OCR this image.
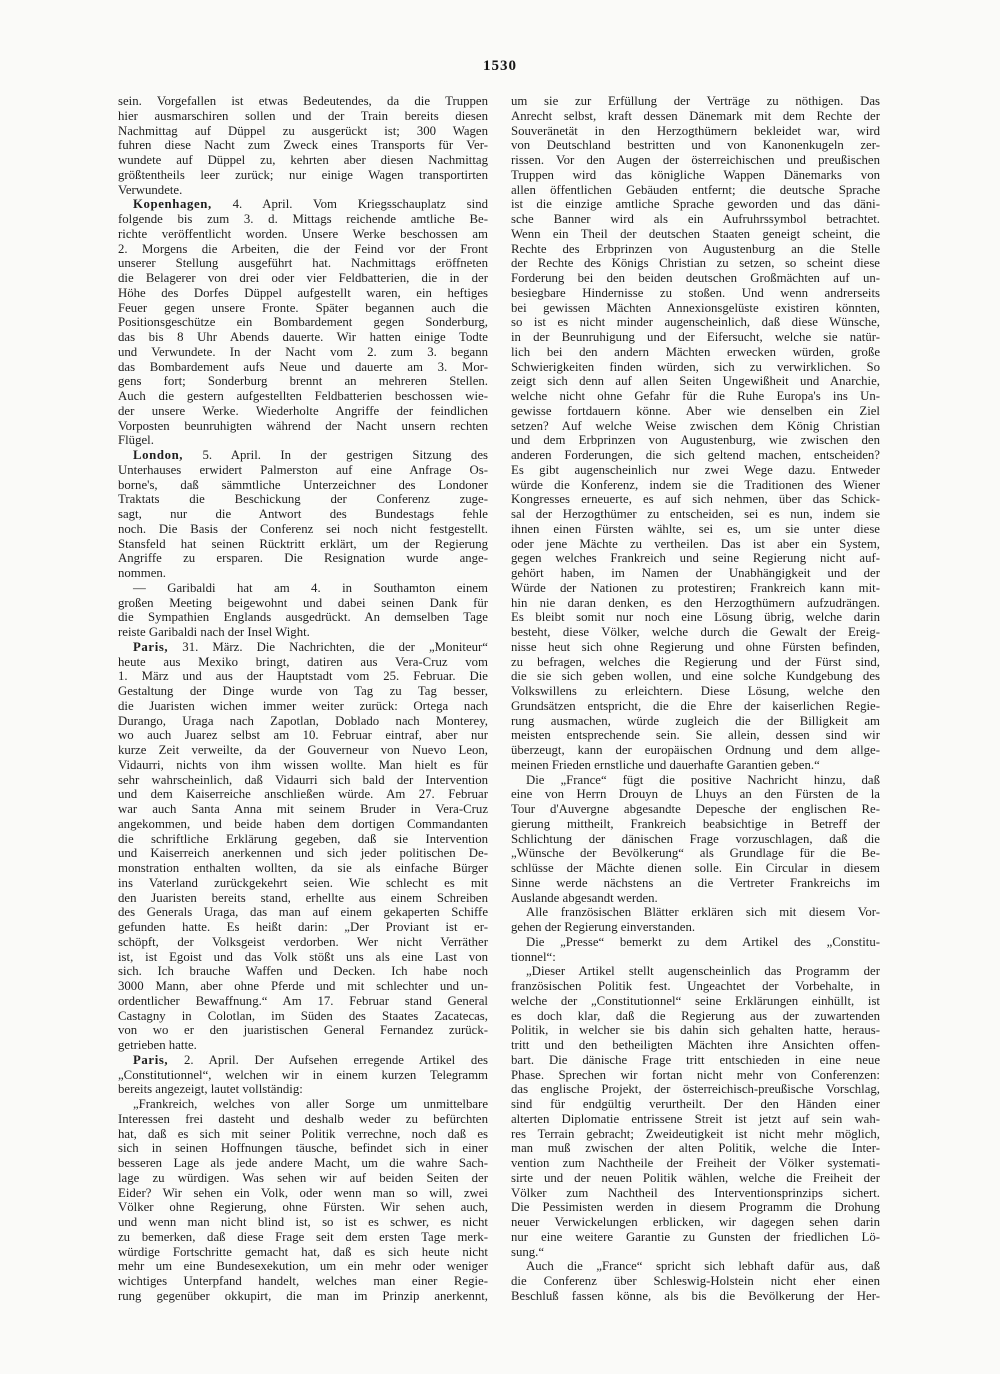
1530
sein. Vorgefallen ist etwas Bedeutendes, da die Truppen
hier ausmarschiren sollen und der Train bereits diesen
Nachmittag auf Düppel zu ausgerückt ist; 300 Wagen
fuhren diese Nacht zum Zweck eines Transports für Ver-
wundete auf Düppel zu, kehrten aber diesen Nachmittag
größtentheils leer zurück; nur einige Wagen transportirten
Verwundete.
Kopenhagen, 4. April. Vom Kriegsschauplatz sind
folgende bis zum 3. d. Mittags reichende amtliche Be-
richte veröffentlicht worden. Unsere Werke beschossen am
2. Morgens die Arbeiten, die der Feind vor der Front
unserer Stellung ausgeführt hat. Nachmittags eröffneten
die Belagerer von drei oder vier Feldbatterien, die in der
Höhe des Dorfes Düppel aufgestellt waren, ein heftiges
Feuer gegen unsere Fronte. Später begannen auch die
Positionsgeschütze ein Bombardement gegen Sonderburg,
das bis 8 Uhr Abends dauerte. Wir hatten einige Todte
und Verwundete. In der Nacht vom 2. zum 3. begann
das Bombardement aufs Neue und dauerte am 3. Mor-
gens fort; Sonderburg brennt an mehreren Stellen.
Auch die gestern aufgestellten Feldbatterien beschossen wie-
der unsere Werke. Wiederholte Angriffe der feindlichen
Vorposten beunruhigten während der Nacht unsern rechten
Flügel.
London, 5. April. In der gestrigen Sitzung des
Unterhauses erwidert Palmerston auf eine Anfrage Os-
borne's, daß sämmtliche Unterzeichner des Londoner
Traktats die Beschickung der Conferenz zuge-
sagt, nur die Antwort des Bundestags fehle
noch. Die Basis der Conferenz sei noch nicht festgestellt.
Stansfeld hat seinen Rücktritt erklärt, um der Regierung
Angriffe zu ersparen. Die Resignation wurde ange-
nommen.
— Garibaldi hat am 4. in Southamton einem
großen Meeting beigewohnt und dabei seinen Dank für
die Sympathien Englands ausgedrückt. An demselben Tage
reiste Garibaldi nach der Insel Wight.
Paris, 31. März. Die Nachrichten, die der „Moniteur“
heute aus Mexiko bringt, datiren aus Vera-Cruz vom
1. März und aus der Hauptstadt vom 25. Februar. Die
Gestaltung der Dinge wurde von Tag zu Tag besser,
die Juaristen wichen immer weiter zurück: Ortega nach
Durango, Uraga nach Zapotlan, Doblado nach Monterey,
wo auch Juarez selbst am 10. Februar eintraf, aber nur
kurze Zeit verweilte, da der Gouverneur von Nuevo Leon,
Vidaurri, nichts von ihm wissen wollte. Man hielt es für
sehr wahrscheinlich, daß Vidaurri sich bald der Intervention
und dem Kaiserreiche anschließen würde. Am 27. Februar
war auch Santa Anna mit seinem Bruder in Vera-Cruz
angekommen, und beide haben dem dortigen Commandanten
die schriftliche Erklärung gegeben, daß sie Intervention
und Kaiserreich anerkennen und sich jeder politischen De-
monstration enthalten wollten, da sie als einfache Bürger
ins Vaterland zurückgekehrt seien. Wie schlecht es mit
den Juaristen bereits stand, erhellte aus einem Schreiben
des Generals Uraga, das man auf einem gekaperten Schiffe
gefunden hatte. Es heißt darin: „Der Proviant ist er-
schöpft, der Volksgeist verdorben. Wer nicht Verräther
ist, ist Egoist und das Volk stößt uns als eine Last von
sich. Ich brauche Waffen und Decken. Ich habe noch
3000 Mann, aber ohne Pferde und mit schlechter und un-
ordentlicher Bewaffnung.“ Am 17. Februar stand General
Castagny in Colotlan, im Süden des Staates Zacatecas,
von wo er den juaristischen General Fernandez zurück-
getrieben hatte.
Paris, 2. April. Der Aufsehen erregende Artikel des
„Constitutionnel“, welchen wir in einem kurzen Telegramm
bereits angezeigt, lautet vollständig:
„Frankreich, welches von aller Sorge um unmittelbare
Interessen frei dasteht und deshalb weder zu befürchten
hat, daß es sich mit seiner Politik verrechne, noch daß es
sich in seinen Hoffnungen täusche, befindet sich in einer
besseren Lage als jede andere Macht, um die wahre Sach-
lage zu würdigen. Was sehen wir auf beiden Seiten der
Eider? Wir sehen ein Volk, oder wenn man so will, zwei
Völker ohne Regierung, ohne Fürsten. Wir sehen auch,
und wenn man nicht blind ist, so ist es schwer, es nicht
zu bemerken, daß diese Frage seit dem ersten Tage merk-
würdige Fortschritte gemacht hat, daß es sich heute nicht
mehr um eine Bundesexekution, um ein mehr oder weniger
wichtiges Unterpfand handelt, welches man einer Regie-
rung gegenüber okkupirt, die man im Prinzip anerkennt,
um sie zur Erfüllung der Verträge zu nöthigen. Das
Anrecht selbst, kraft dessen Dänemark mit dem Rechte der
Souveränetät in den Herzogthümern bekleidet war, wird
von Deutschland bestritten und von Kanonenkugeln zer-
rissen. Vor den Augen der österreichischen und preußischen
Truppen wird das königliche Wappen Dänemarks von
allen öffentlichen Gebäuden entfernt; die deutsche Sprache
ist die einzige amtliche Sprache geworden und das däni-
sche Banner wird als ein Aufruhrssymbol betrachtet.
Wenn ein Theil der deutschen Staaten geneigt scheint, die
Rechte des Erbprinzen von Augustenburg an die Stelle
der Rechte des Königs Christian zu setzen, so scheint diese
Forderung bei den beiden deutschen Großmächten auf un-
besiegbare Hindernisse zu stoßen. Und wenn andrerseits
bei gewissen Mächten Annexionsgelüste existiren könnten,
so ist es nicht minder augenscheinlich, daß diese Wünsche,
in der Beunruhigung und der Eifersucht, welche sie natür-
lich bei den andern Mächten erwecken würden, große
Schwierigkeiten finden würden, sich zu verwirklichen. So
zeigt sich denn auf allen Seiten Ungewißheit und Anarchie,
welche nicht ohne Gefahr für die Ruhe Europa's ins Un-
gewisse fortdauern könne. Aber wie denselben ein Ziel
setzen? Auf welche Weise zwischen dem König Christian
und dem Erbprinzen von Augustenburg, wie zwischen den
anderen Forderungen, die sich geltend machen, entscheiden?
Es gibt augenscheinlich nur zwei Wege dazu. Entweder
würde die Konferenz, indem sie die Traditionen des Wiener
Kongresses erneuerte, es auf sich nehmen, über das Schick-
sal der Herzogthümer zu entscheiden, sei es nun, indem sie
ihnen einen Fürsten wählte, sei es, um sie unter diese
oder jene Mächte zu vertheilen. Das ist aber ein System,
gegen welches Frankreich und seine Regierung nicht auf-
gehört haben, im Namen der Unabhängigkeit und der
Würde der Nationen zu protestiren; Frankreich kann mit-
hin nie daran denken, es den Herzogthümern aufzudrängen.
Es bleibt somit nur noch eine Lösung übrig, welche darin
besteht, diese Völker, welche durch die Gewalt der Ereig-
nisse heut sich ohne Regierung und ohne Fürsten befinden,
zu befragen, welches die Regierung und der Fürst sind,
die sie sich geben wollen, und eine solche Kundgebung des
Volkswillens zu erleichtern. Diese Lösung, welche den
Grundsätzen entspricht, die die Ehre der kaiserlichen Regie-
rung ausmachen, würde zugleich die der Billigkeit am
meisten entsprechende sein. Sie allein, dessen sind wir
überzeugt, kann der europäischen Ordnung und dem allge-
meinen Frieden ernstliche und dauerhafte Garantien geben.“
Die „France“ fügt die positive Nachricht hinzu, daß
eine von Herrn Drouyn de Lhuys an den Fürsten de la
Tour d'Auvergne abgesandte Depesche der englischen Re-
gierung mittheilt, Frankreich beabsichtige in Betreff der
Schlichtung der dänischen Frage vorzuschlagen, daß die
„Wünsche der Bevölkerung“ als Grundlage für die Be-
schlüsse der Mächte dienen solle. Ein Circular in diesem
Sinne werde nächstens an die Vertreter Frankreichs im
Auslande abgesandt werden.
Alle französischen Blätter erklären sich mit diesem Vor-
gehen der Regierung einverstanden.
Die „Presse“ bemerkt zu dem Artikel des „Constitu-
tionnel“:
„Dieser Artikel stellt augenscheinlich das Programm der
französischen Politik fest. Ungeachtet der Vorbehalte, in
welche der „Constitutionnel“ seine Erklärungen einhüllt, ist
es doch klar, daß die Regierung aus der zuwartenden
Politik, in welcher sie bis dahin sich gehalten hatte, heraus-
tritt und den betheiligten Mächten ihre Ansichten offen-
bart. Die dänische Frage tritt entschieden in eine neue
Phase. Sprechen wir fortan nicht mehr von Conferenzen:
das englische Projekt, der österreichisch-preußische Vorschlag,
sind für endgültig verurtheilt. Der den Händen einer
alterten Diplomatie entrissene Streit ist jetzt auf sein wah-
res Terrain gebracht; Zweideutigkeit ist nicht mehr möglich,
man muß zwischen der alten Politik, welche die Inter-
vention zum Nachtheile der Freiheit der Völker systemati-
sirte und der neuen Politik wählen, welche die Freiheit der
Völker zum Nachtheil des Interventionsprinzips sichert.
Die Pessimisten werden in diesem Programm die Drohung
neuer Verwickelungen erblicken, wir dagegen sehen darin
nur eine weitere Garantie zu Gunsten der friedlichen Lö-
sung.“
Auch die „France“ spricht sich lebhaft dafür aus, daß
die Conferenz über Schleswig-Holstein nicht eher einen
Beschluß fassen könne, als bis die Bevölkerung der Her-
